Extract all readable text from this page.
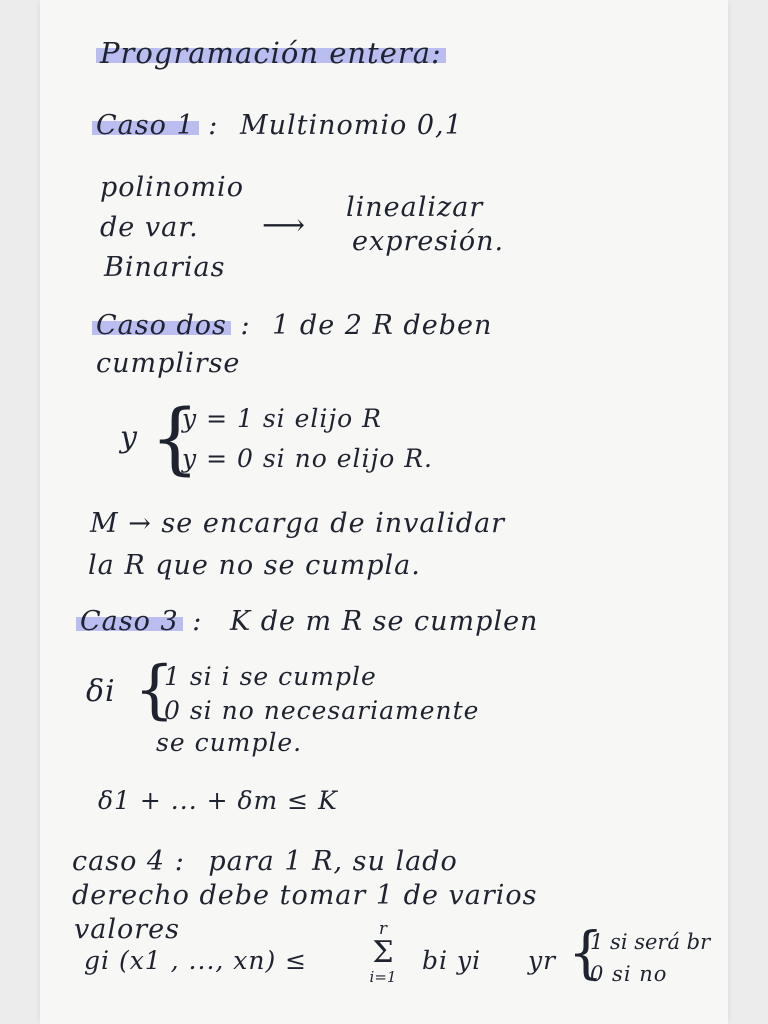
Programación entera:
Caso 1 : Multinomio 0,1
polinomio
de var.
Binarias
⟶
linealizar
expresión.
Caso dos : 1 de 2 R deben
cumplirse
y {
y = 1 si elijo R
y = 0 si no elijo R.
M → se encarga de invalidar
la R que no se cumpla.
Caso 3 : K de m R se cumplen
δi {
1 si i se cumple
0 si no necesariamente
se cumple.
δ1 + ... + δm ≤ K
caso 4 : para 1 R, su lado
derecho debe tomar 1 de varios
valores
gi (x1 , ..., xn) ≤
r
Σ
i=1
bi yi yr {
1 si será br
0 si no
